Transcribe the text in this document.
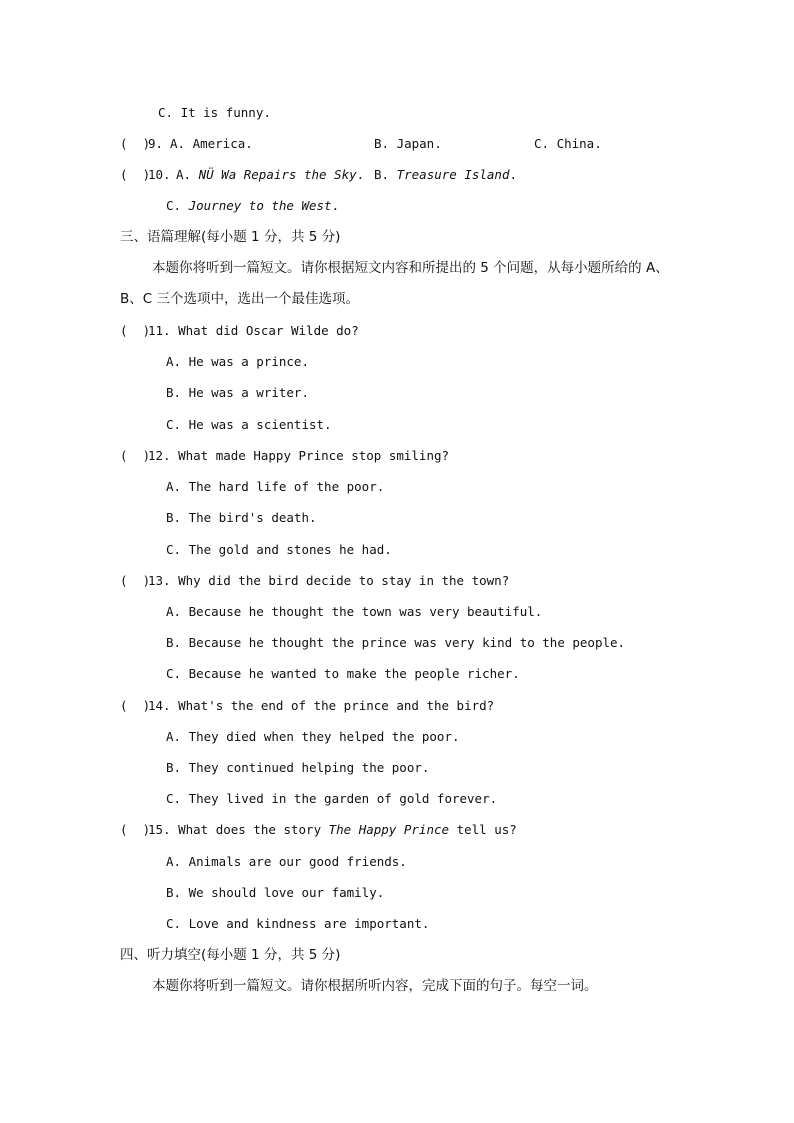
C. It is funny.
(  )
9. A. America.	B. Japan.	C. China.
(  )
10. A. NÜ Wa Repairs the Sky. B. Treasure Island.
C. Journey to the West.
三、语篇理解(每小题 1 分，共 5 分)
本题你将听到一篇短文。请你根据短文内容和所提出的 5 个问题，从每小题所给的 A、
B、C 三个选项中，选出一个最佳选项。
(  )
11. What did Oscar Wilde do?
A. He was a prince.
B. He was a writer.
C. He was a scientist.
(  )
12. What made Happy Prince stop smiling?
A. The hard life of the poor.
B. The bird's death.
C. The gold and stones he had.
(  )
13. Why did the bird decide to stay in the town?
A. Because he thought the town was very beautiful.
B. Because he thought the prince was very kind to the people.
C. Because he wanted to make the people richer.
(  )
14. What's the end of the prince and the bird?
A. They died when they helped the poor.
B. They continued helping the poor.
C. They lived in the garden of gold forever.
(  )
15. What does the story The Happy Prince tell us?
A. Animals are our good friends.
B. We should love our family.
C. Love and kindness are important.
四、听力填空(每小题 1 分，共 5 分)
本题你将听到一篇短文。请你根据所听内容，完成下面的句子。每空一词。
